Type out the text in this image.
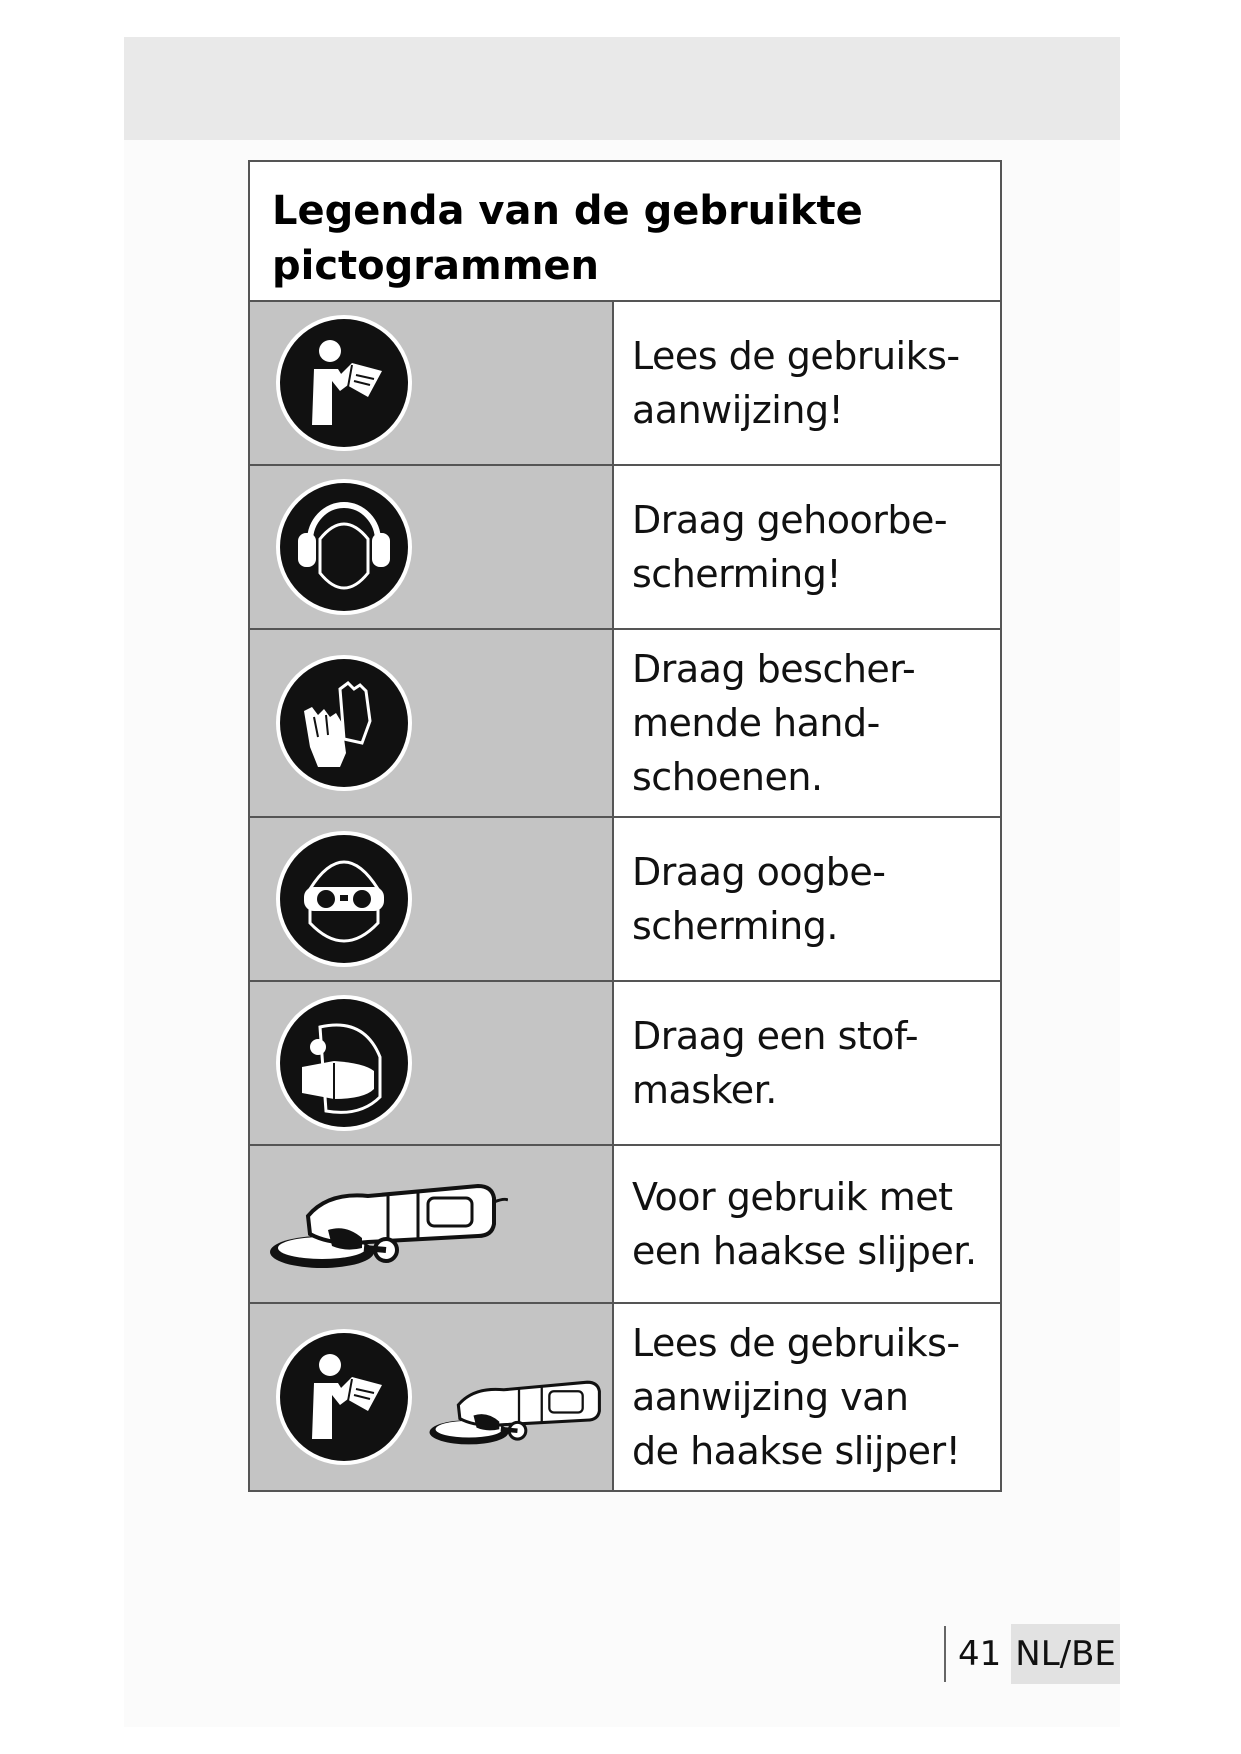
Legenda van de gebruikte
pictogrammen
Lees de gebruiks-
aanwijzing!
Draag gehoorbe-
scherming!
Draag bescher-
mende hand-
schoenen.
Draag oogbe-
scherming.
Draag een stof-
masker.
Voor gebruik met
een haakse slijper.
Lees de gebruiks-
aanwijzing van
de haakse slijper!
41 NL/BE
